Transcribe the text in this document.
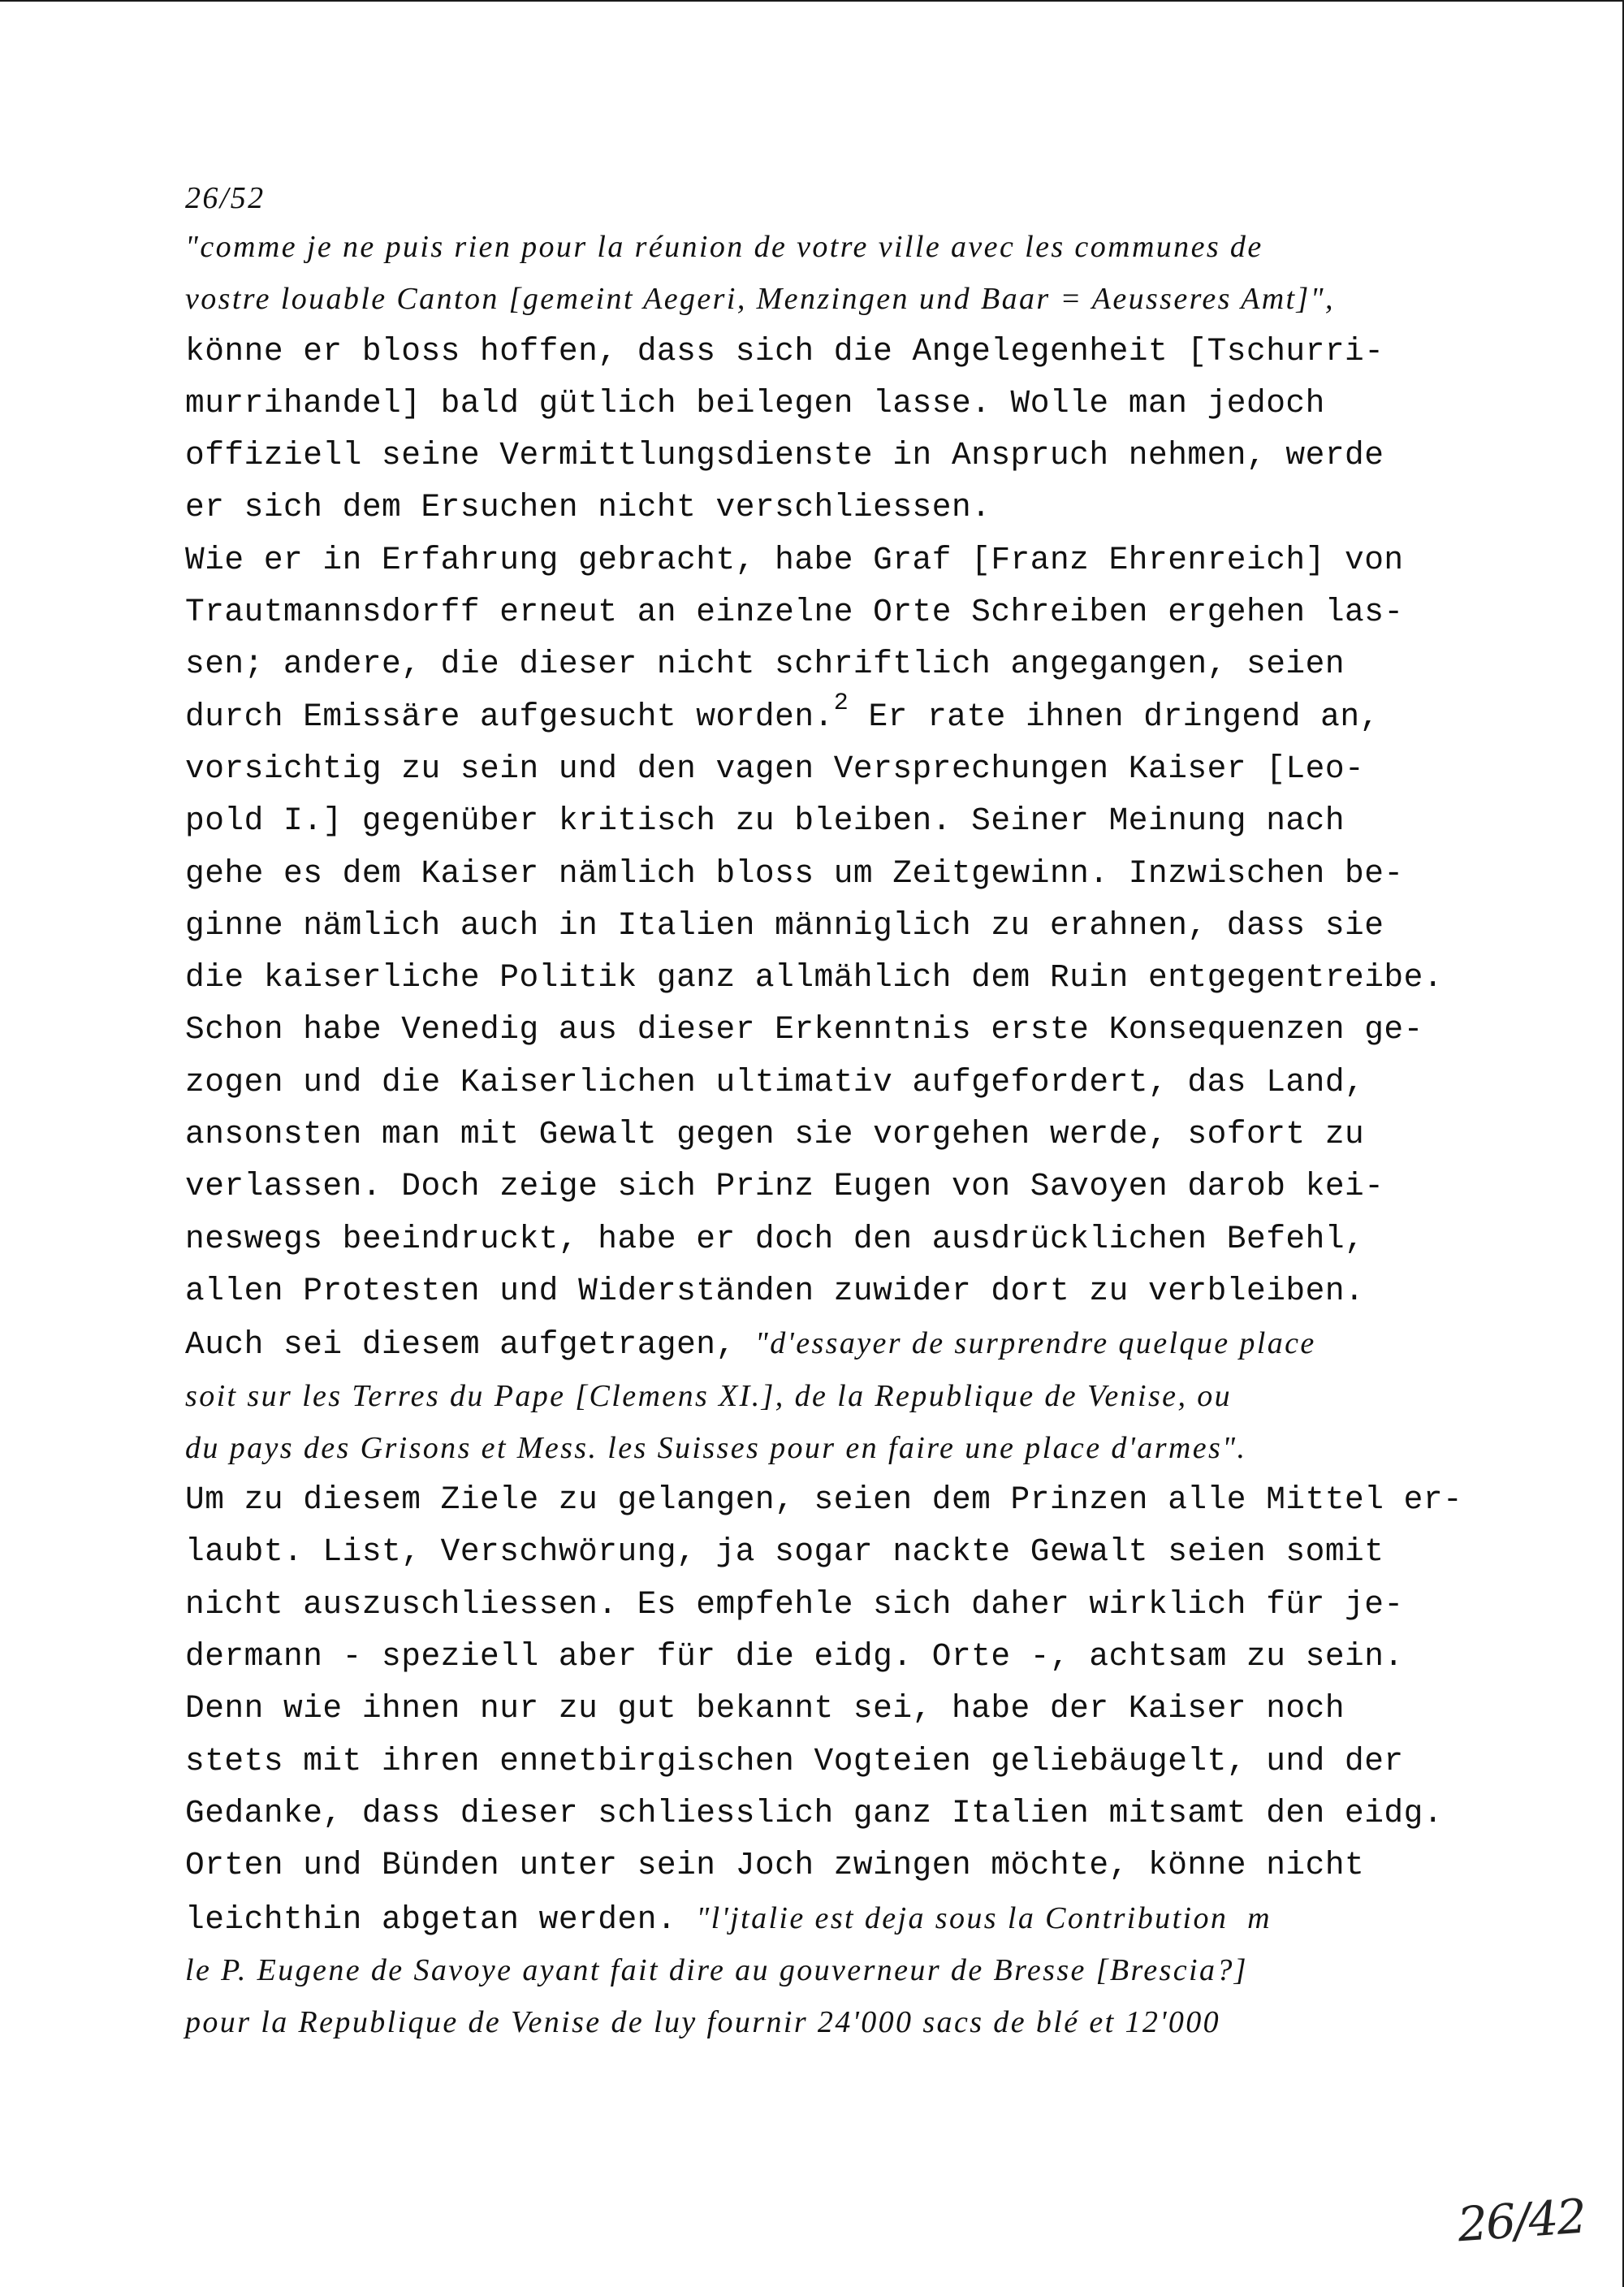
26/52
"comme je ne puis rien pour la réunion de votre ville avec les communes de
vostre louable Canton [gemeint Aegeri, Menzingen und Baar = Aeusseres Amt]",
könne er bloss hoffen, dass sich die Angelegenheit [Tschurri-
murrihandel] bald gütlich beilegen lasse. Wolle man jedoch
offiziell seine Vermittlungsdienste in Anspruch nehmen, werde
er sich dem Ersuchen nicht verschliessen.
Wie er in Erfahrung gebracht, habe Graf [Franz Ehrenreich] von
Trautmannsdorff erneut an einzelne Orte Schreiben ergehen las-
sen; andere, die dieser nicht schriftlich angegangen, seien
durch Emissäre aufgesucht worden.$^2$ Er rate ihnen dringend an,
vorsichtig zu sein und den vagen Versprechungen Kaiser [Leo-
pold I.] gegenüber kritisch zu bleiben. Seiner Meinung nach
gehe es dem Kaiser nämlich bloss um Zeitgewinn. Inzwischen be-
ginne nämlich auch in Italien männiglich zu erahnen, dass sie
die kaiserliche Politik ganz allmählich dem Ruin entgegentreibe.
Schon habe Venedig aus dieser Erkenntnis erste Konsequenzen ge-
zogen und die Kaiserlichen ultimativ aufgefordert, das Land,
ansonsten man mit Gewalt gegen sie vorgehen werde, sofort zu
verlassen. Doch zeige sich Prinz Eugen von Savoyen darob kei-
neswegs beeindruckt, habe er doch den ausdrücklichen Befehl,
allen Protesten und Widerständen zuwider dort zu verbleiben.
Auch sei diesem aufgetragen, "d'essayer de surprendre quelque place
soit sur les Terres du Pape [Clemens XI.], de la Republique de Venise, ou
du pays des Grisons et Mess. les Suisses pour en faire une place d'armes".
Um zu diesem Ziele zu gelangen, seien dem Prinzen alle Mittel er-
laubt. List, Verschwörung, ja sogar nackte Gewalt seien somit
nicht auszuschliessen. Es empfehle sich daher wirklich für je-
dermann - speziell aber für die eidg. Orte -, achtsam zu sein.
Denn wie ihnen nur zu gut bekannt sei, habe der Kaiser noch
stets mit ihren ennetbirgischen Vogteien geliebäugelt, und der
Gedanke, dass dieser schliesslich ganz Italien mitsamt den eidg.
Orten und Bünden unter sein Joch zwingen möchte, könne nicht
leichthin abgetan werden. "l'jtalie est deja sous la Contribution  m
le P. Eugene de Savoye ayant fait dire au gouverneur de Bresse [Brescia?]
pour la Republique de Venise de luy fournir 24'000 sacs de blé et 12'000
26/42
